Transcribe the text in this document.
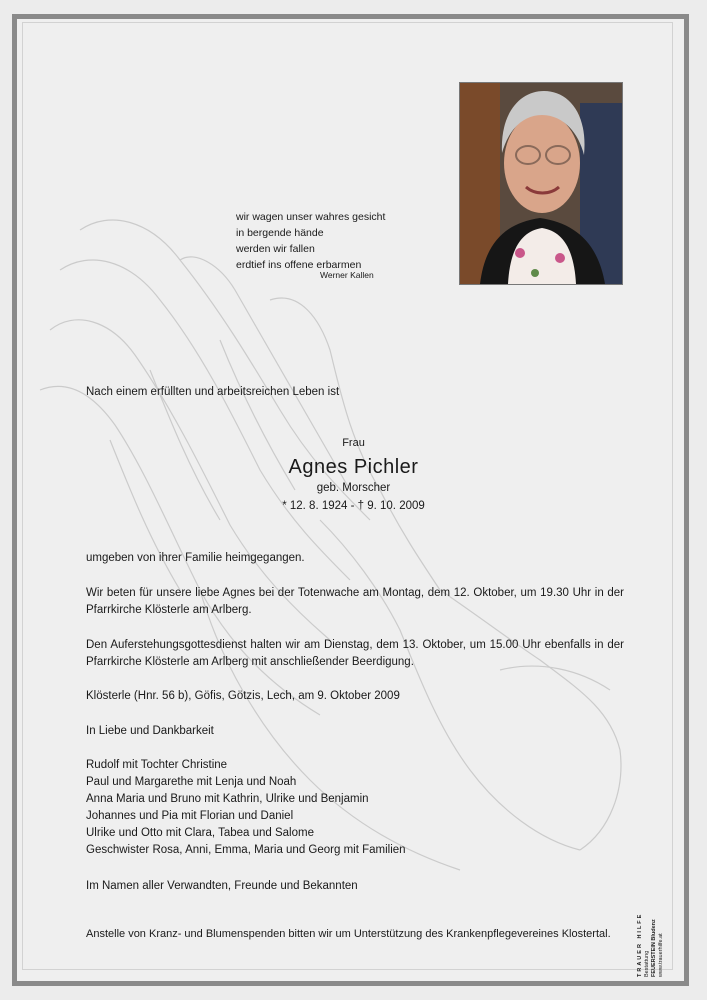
wir wagen unser wahres gesicht
in bergende hände
werden wir fallen
erdtief ins offene erbarmen
Werner Kallen
Nach einem erfüllten und arbeitsreichen Leben ist
Frau
Agnes Pichler
geb. Morscher
* 12. 8. 1924 - † 9. 10. 2009
umgeben von ihrer Familie heimgegangen.
Wir beten für unsere liebe Agnes bei der Totenwache am Montag, dem 12. Oktober, um 19.30 Uhr in der Pfarrkirche Klösterle am Arlberg.
Den Auferstehungsgottesdienst halten wir am Dienstag, dem 13. Oktober, um 15.00 Uhr ebenfalls in der Pfarrkirche Klösterle am Arlberg mit anschließender Beerdigung.
Klösterle (Hnr. 56 b), Göfis, Götzis, Lech, am 9. Oktober 2009
In Liebe und Dankbarkeit
Rudolf mit Tochter Christine
Paul und Margarethe mit Lenja und Noah
Anna Maria und Bruno mit Kathrin, Ulrike und Benjamin
Johannes und Pia mit Florian und Daniel
Ulrike und Otto mit Clara, Tabea und Salome
Geschwister Rosa, Anni, Emma, Maria und Georg mit Familien
Im Namen aller Verwandten, Freunde und Bekannten
Anstelle von Kranz- und Blumenspenden bitten wir um Unterstützung des Krankenpflegevereines Klostertal.	TRAUER HILFE Bestattung FEUERSTEIN Bludenz www.trauerhilfe.at
